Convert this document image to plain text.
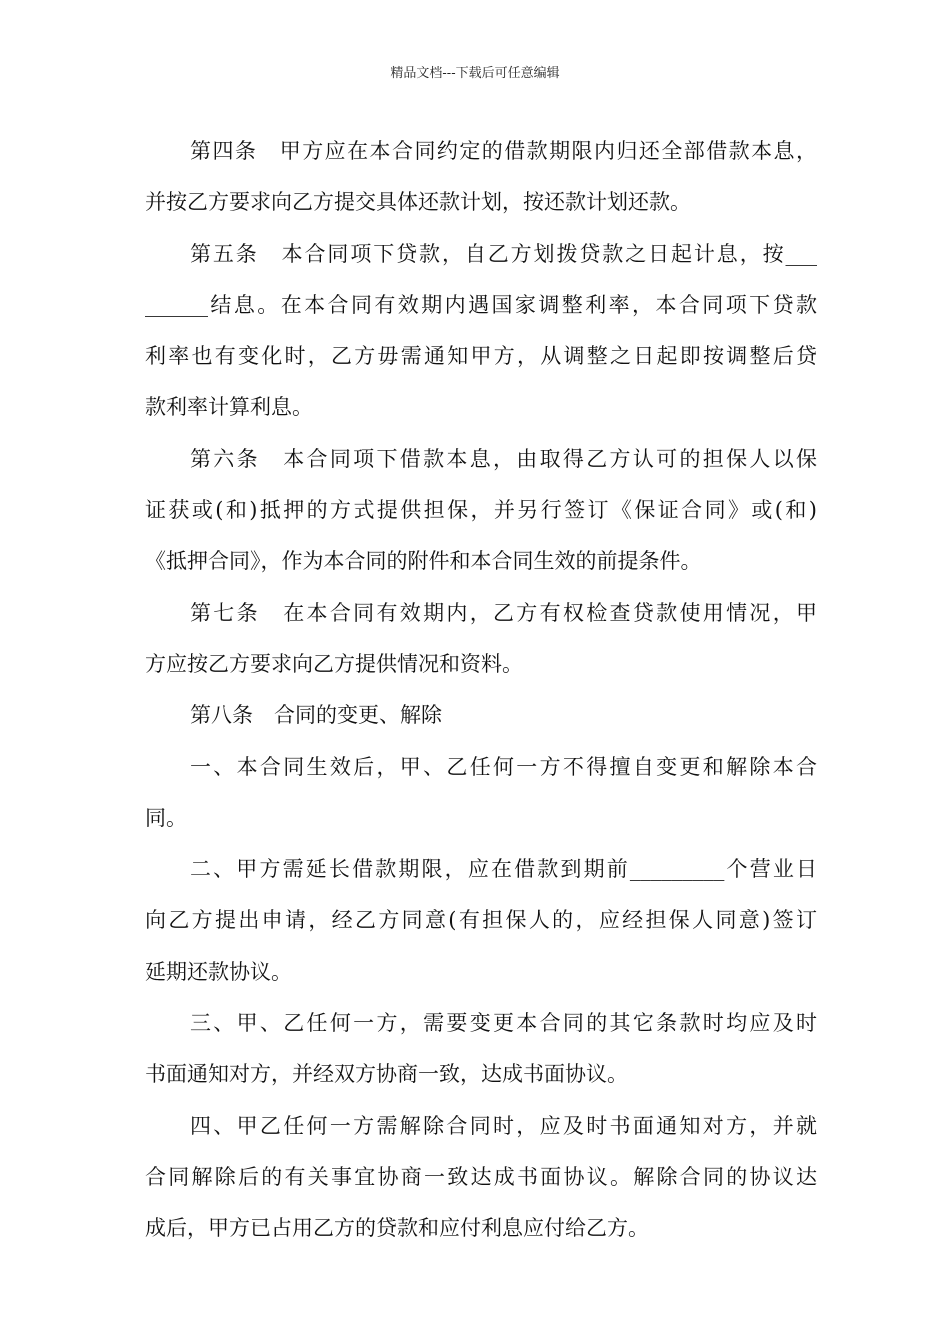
精品文档---下载后可任意编辑
第四条　甲方应在本合同约定的借款期限内归还全部借款本息，
并按乙方要求向乙方提交具体还款计划，按还款计划还款。
第五条　本合同项下贷款，自乙方划拨贷款之日起计息，按___
______结息。在本合同有效期内遇国家调整利率，本合同项下贷款
利率也有变化时，乙方毋需通知甲方，从调整之日起即按调整后贷
款利率计算利息。
第六条　本合同项下借款本息，由取得乙方认可的担保人以保
证获或(和)抵押的方式提供担保，并另行签订《保证合同》或(和)
《抵押合同》，作为本合同的附件和本合同生效的前提条件。
第七条　在本合同有效期内，乙方有权检查贷款使用情况，甲
方应按乙方要求向乙方提供情况和资料。
第八条　合同的变更、解除
一、本合同生效后，甲、乙任何一方不得擅自变更和解除本合
同。
二、甲方需延长借款期限，应在借款到期前_________个营业日
向乙方提出申请，经乙方同意(有担保人的，应经担保人同意)签订
延期还款协议。
三、甲、乙任何一方，需要变更本合同的其它条款时均应及时
书面通知对方，并经双方协商一致，达成书面协议。
四、甲乙任何一方需解除合同时，应及时书面通知对方，并就
合同解除后的有关事宜协商一致达成书面协议。解除合同的协议达
成后，甲方已占用乙方的贷款和应付利息应付给乙方。
